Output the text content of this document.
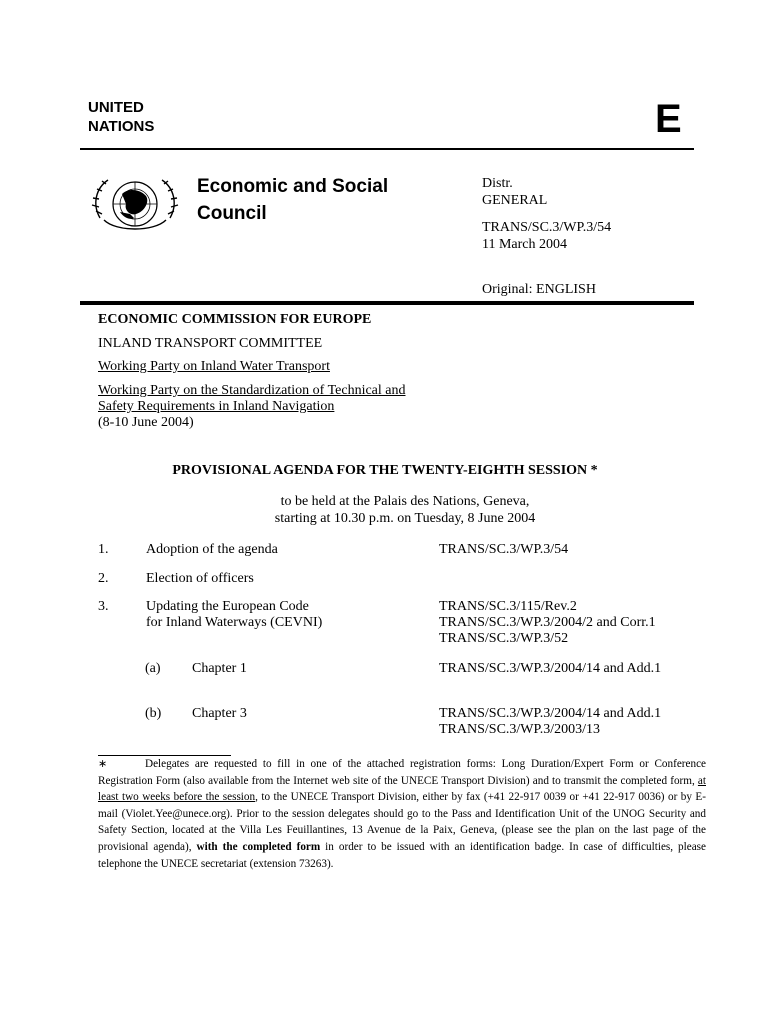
UNITED
NATIONS	E
Economic and Social
Council
Distr.
GENERAL
TRANS/SC.3/WP.3/54
11 March 2004
Original: ENGLISH
ECONOMIC COMMISSION FOR EUROPE
INLAND TRANSPORT COMMITTEE
Working Party on Inland Water Transport
Working Party on the Standardization of Technical and
Safety Requirements in Inland Navigation
(8-10 June 2004)
PROVISIONAL AGENDA FOR THE TWENTY-EIGHTH SESSION *
to be held at the Palais des Nations, Geneva,
starting at 10.30 p.m. on Tuesday, 8 June 2004
1.	Adoption of the agenda	TRANS/SC.3/WP.3/54
2.	Election of officers
3.	Updating the European Code
for Inland Waterways (CEVNI)
TRANS/SC.3/115/Rev.2
TRANS/SC.3/WP.3/2004/2 and Corr.1
TRANS/SC.3/WP.3/52
(a) Chapter 1	TRANS/SC.3/WP.3/2004/14 and Add.1
(b) Chapter 3	TRANS/SC.3/WP.3/2004/14 and Add.1
TRANS/SC.3/WP.3/2003/13
∗	Delegates are requested to fill in one of the attached registration forms: Long Duration/Expert Form or Conference Registration Form (also available from the Internet web site of the UNECE Transport Division) and to transmit the completed form, at least two weeks before the session, to the UNECE Transport Division, either by fax (+41 22-917 0039 or +41 22-917 0036) or by E-mail (Violet.Yee@unece.org). Prior to the session delegates should go to the Pass and Identification Unit of the UNOG Security and Safety Section, located at the Villa Les Feuillantines, 13 Avenue de la Paix, Geneva, (please see the plan on the last page of the provisional agenda), with the completed form in order to be issued with an identification badge. In case of difficulties, please telephone the UNECE secretariat (extension 73263).
